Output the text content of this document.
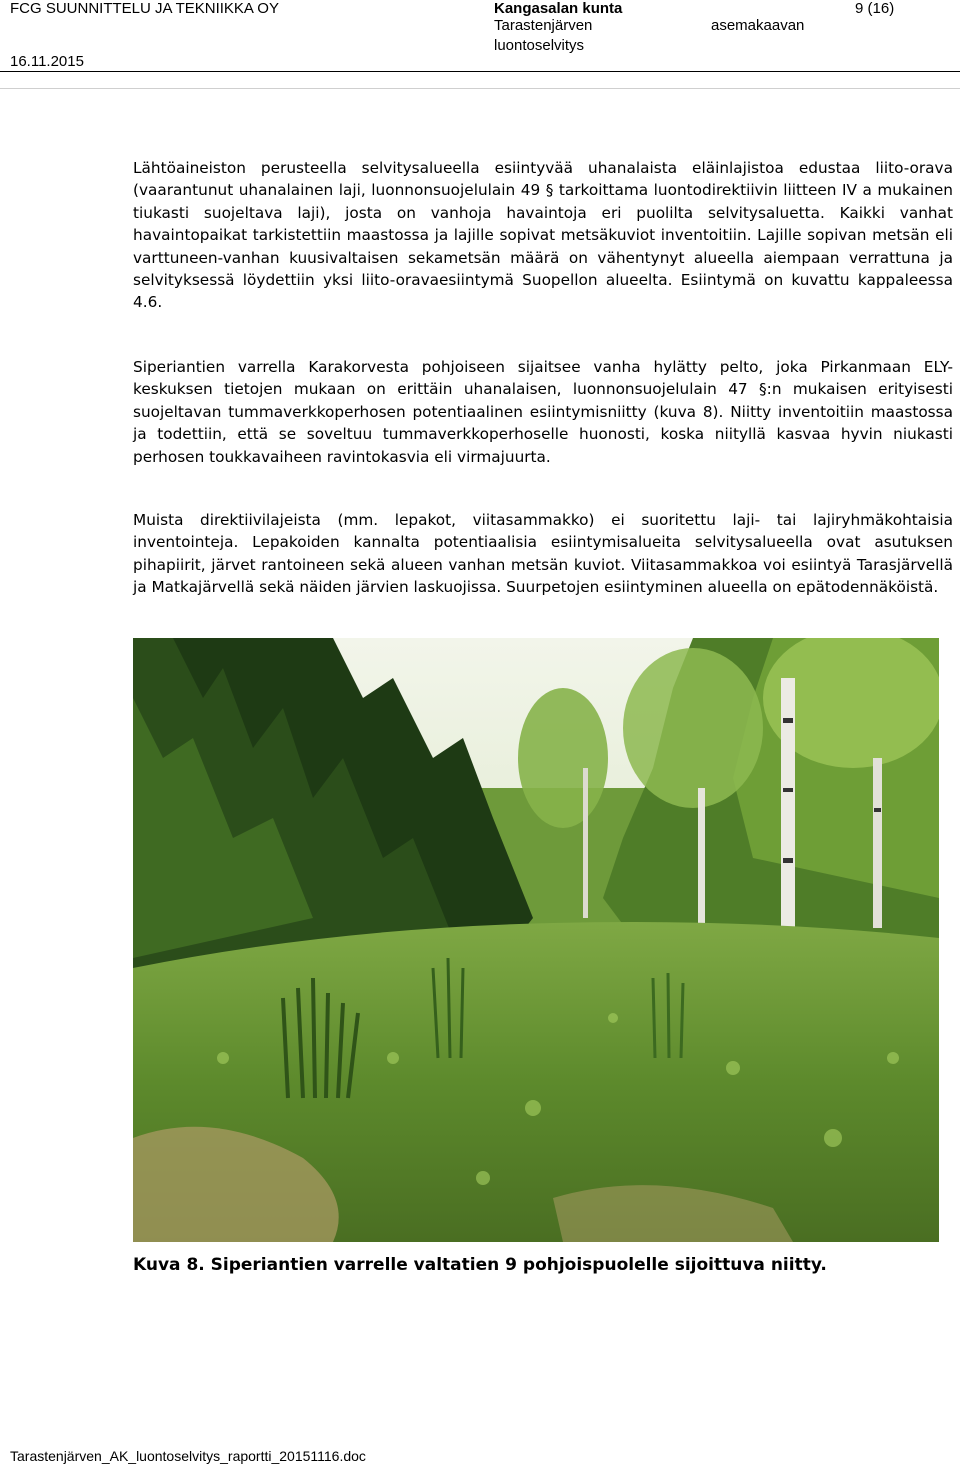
FCG SUUNNITTELU JA TEKNIIKKA OY
16.11.2015
Kangasalan kunta
Tarastenjärven
luontoselvitys
asemakaavan
9 (16)

Lähtöaineiston perusteella selvitysalueella esiintyvää uhanalaista eläinlajistoa edustaa liito-orava (vaarantunut uhanalainen laji, luonnonsuojelulain 49 § tarkoittama luontodirektiivin liitteen IV a mukainen tiukasti suojeltava laji), josta on vanhoja havaintoja eri puolilta selvitysaluetta. Kaikki vanhat havaintopaikat tarkistettiin maastossa ja lajille sopivat metsäkuviot inventoitiin. Lajille sopivan metsän eli varttuneen-vanhan kuusivaltaisen sekametsän määrä on vähentynyt alueella aiempaan verrattuna ja selvityksessä löydettiin yksi liito-oravaesiintymä Suopellon alueelta. Esiintymä on kuvattu kappaleessa 4.6.

Siperiantien varrella Karakorvesta pohjoiseen sijaitsee vanha hylätty pelto, joka Pirkanmaan ELY-keskuksen tietojen mukaan on erittäin uhanalaisen, luonnonsuojelulain 47 §:n mukaisen erityisesti suojeltavan tummaverkkoperhosen potentiaalinen esiintymisniitty (kuva 8). Niitty inventoitiin maastossa ja todettiin, että se soveltuu tummaverkkoperhoselle huonosti, koska niityllä kasvaa hyvin niukasti perhosen toukkavaiheen ravintokasvia eli virmajuurta.

Muista direktiivilajeista (mm. lepakot, viitasammakko) ei suoritettu laji- tai lajiryhmäkohtaisia inventointeja. Lepakoiden kannalta potentiaalisia esiintymisalueita selvitysalueella ovat asutuksen pihapiirit, järvet rantoineen sekä alueen vanhan metsän kuviot. Viitasammakkoa voi esiintyä Tarasjärvellä ja Matkajärvellä sekä näiden järvien laskuojissa. Suurpetojen esiintyminen alueella on epätodennäköistä.

Kuva 8. Siperiantien varrelle valtatien 9 pohjoispuolelle sijoittuva niitty.
Tarastenjärven_AK_luontoselvitys_raportti_20151116.doc
